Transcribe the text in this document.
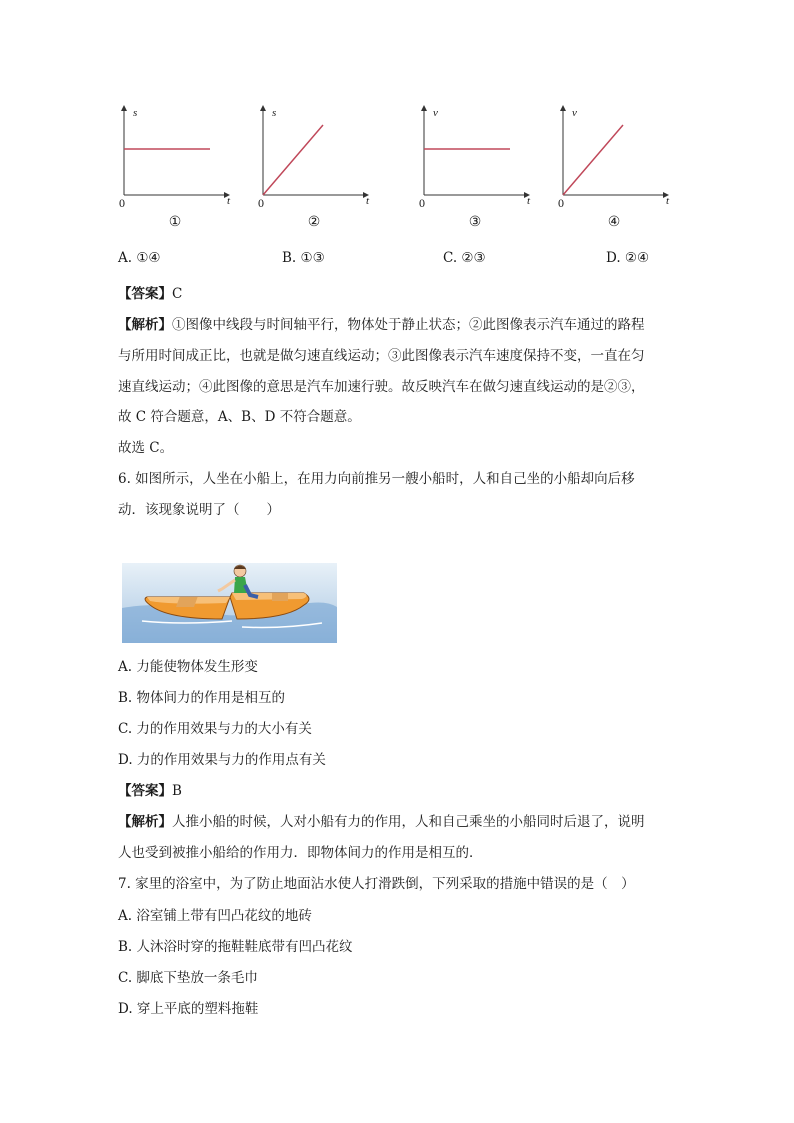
s
t
0
①
s
t
0
②
v
t
0
③
v
t
0
④
A. ①④	B. ①③	C. ②③	D. ②④
【答案】C
【解析】①图像中线段与时间轴平行，物体处于静止状态；②此图像表示汽车通过的路程
与所用时间成正比，也就是做匀速直线运动；③此图像表示汽车速度保持不变，一直在匀
速直线运动；④此图像的意思是汽车加速行驶。故反映汽车在做匀速直线运动的是②③，
故 C 符合题意，A、B、D 不符合题意。
故选 C。
6. 如图所示，人坐在小船上，在用力向前推另一艘小船时，人和自己坐的小船却向后移
动．该现象说明了（　　）
A. 力能使物体发生形变
B. 物体间力的作用是相互的
C. 力的作用效果与力的大小有关
D. 力的作用效果与力的作用点有关
【答案】B
【解析】人推小船的时候，人对小船有力的作用，人和自己乘坐的小船同时后退了，说明
人也受到被推小船给的作用力．即物体间力的作用是相互的．
7. 家里的浴室中，为了防止地面沾水使人打滑跌倒，下列采取的措施中错误的是（　）
A. 浴室铺上带有凹凸花纹的地砖
B. 人沐浴时穿的拖鞋鞋底带有凹凸花纹
C. 脚底下垫放一条毛巾
D. 穿上平底的塑料拖鞋
